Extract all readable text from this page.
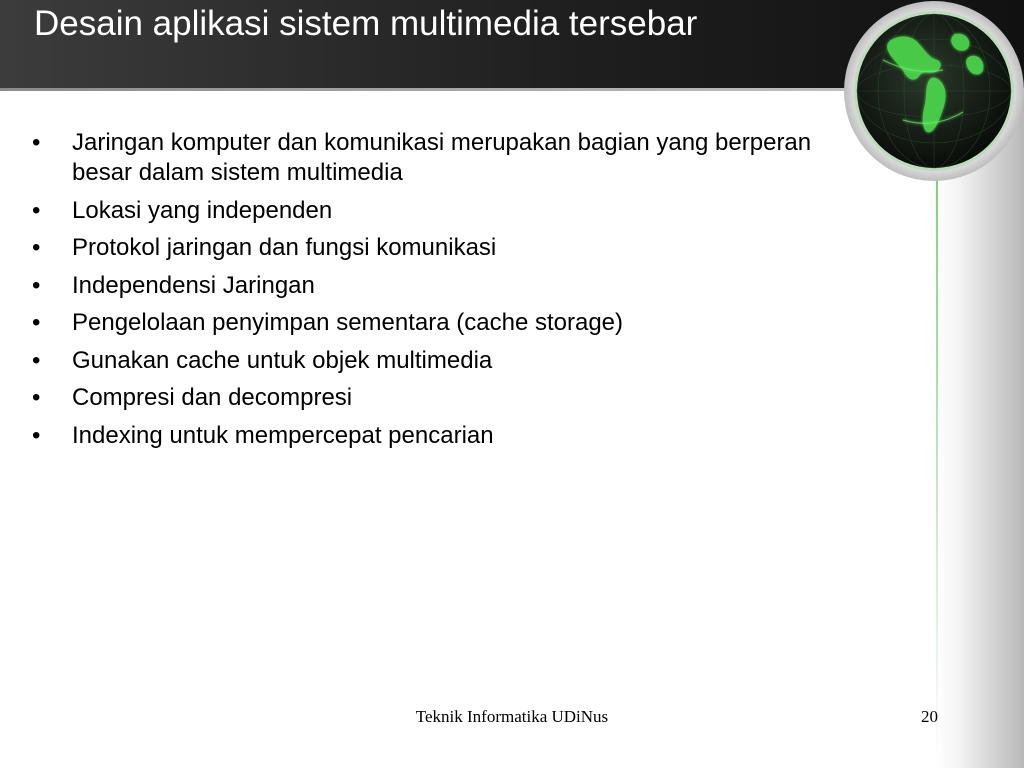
Desain aplikasi sistem multimedia tersebar
•	Jaringan komputer dan komunikasi merupakan bagian yang berperan besar dalam sistem multimedia
•	Lokasi yang independen
•	Protokol jaringan dan fungsi komunikasi
•	Independensi Jaringan
•	Pengelolaan penyimpan sementara (cache storage)
•	Gunakan cache untuk objek multimedia
•	Compresi dan decompresi
•	Indexing untuk mempercepat pencarian
Teknik Informatika UDiNus	20
